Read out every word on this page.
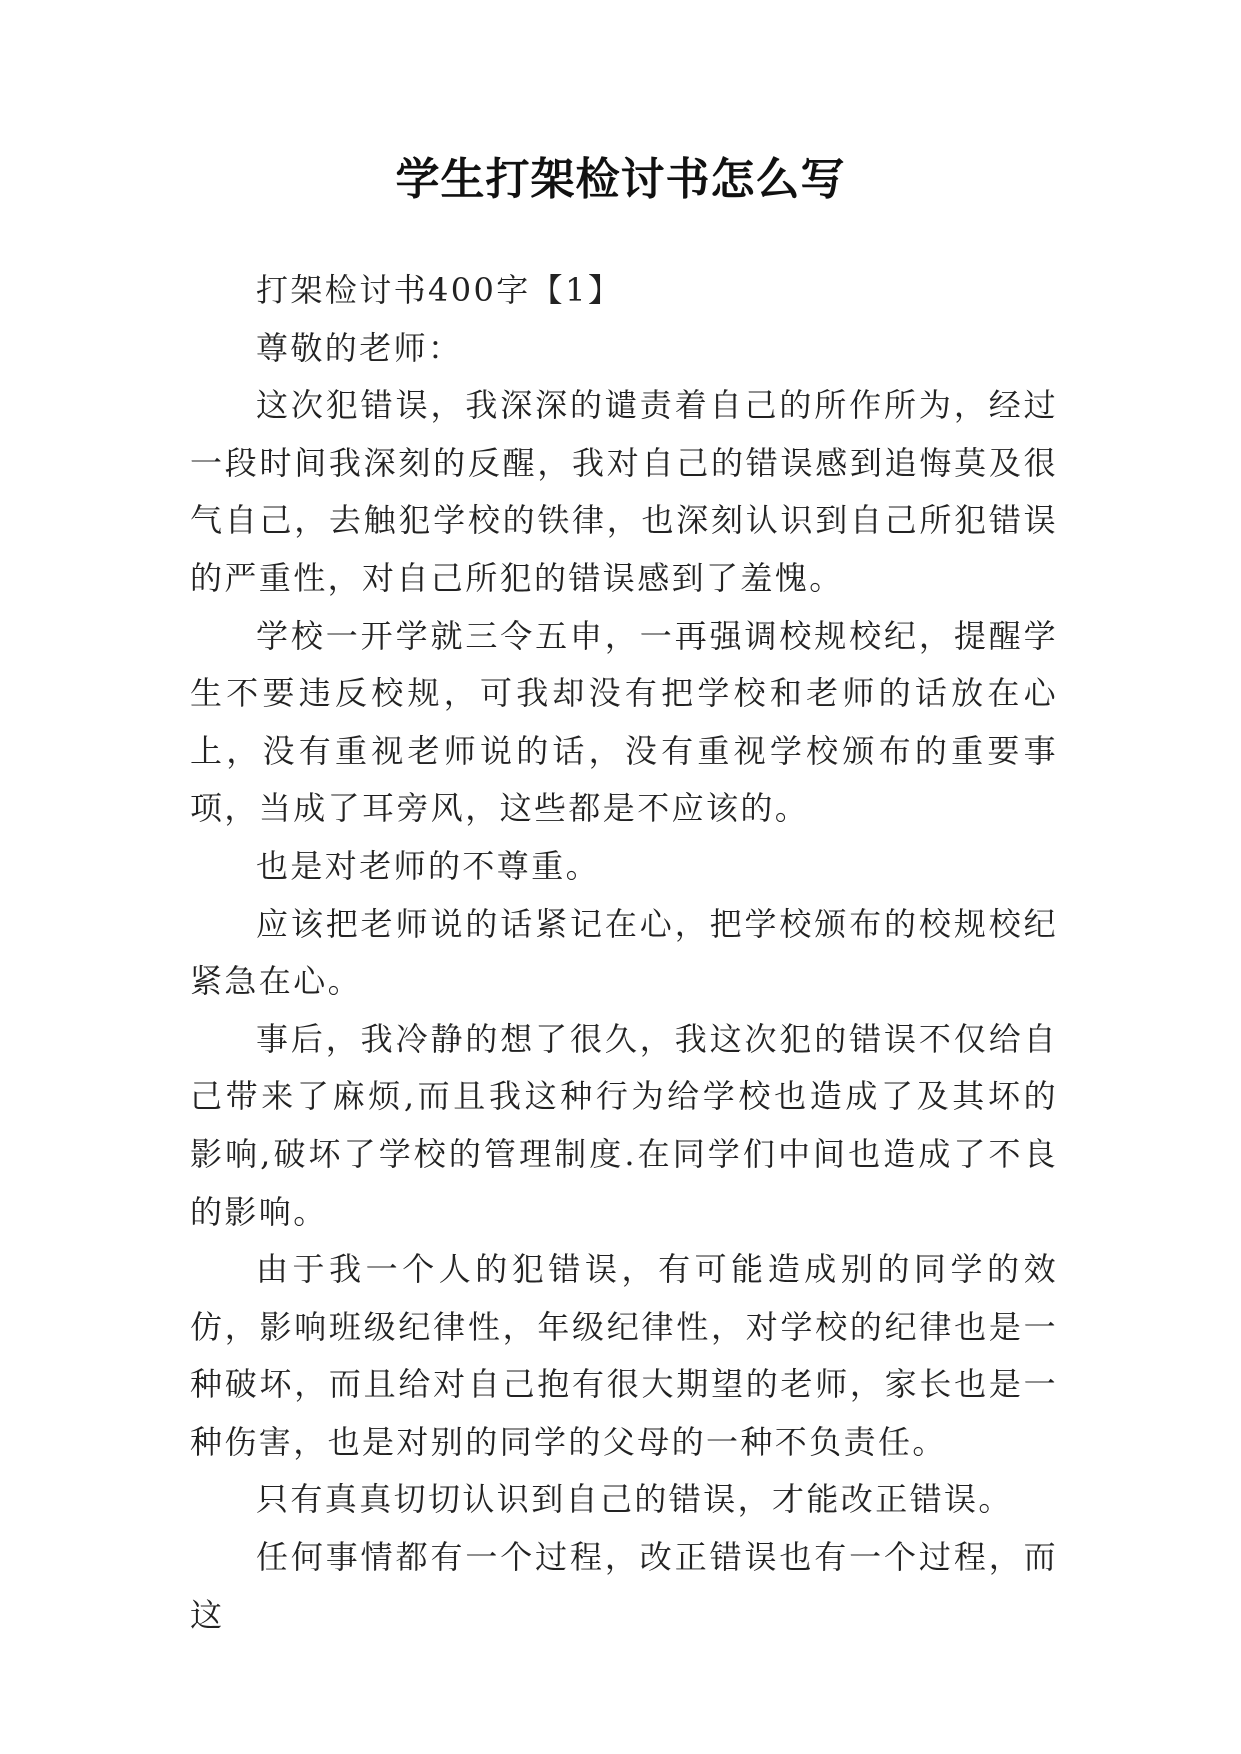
学生打架检讨书怎么写

打架检讨书400字【1】

尊敬的老师：

这次犯错误，我深深的谴责着自己的所作所为，经过一段时间我深刻的反醒，我对自己的错误感到追悔莫及很气自己，去触犯学校的铁律，也深刻认识到自己所犯错误的严重性，对自己所犯的错误感到了羞愧。

学校一开学就三令五申，一再强调校规校纪，提醒学生不要违反校规，可我却没有把学校和老师的话放在心上，没有重视老师说的话，没有重视学校颁布的重要事项，当成了耳旁风，这些都是不应该的。

也是对老师的不尊重。

应该把老师说的话紧记在心，把学校颁布的校规校纪紧急在心。

事后，我冷静的想了很久，我这次犯的错误不仅给自己带来了麻烦,而且我这种行为给学校也造成了及其坏的影响,破坏了学校的管理制度.在同学们中间也造成了不良的影响。

由于我一个人的犯错误，有可能造成别的同学的效仿，影响班级纪律性，年级纪律性，对学校的纪律也是一种破坏，而且给对自己抱有很大期望的老师，家长也是一种伤害，也是对别的同学的父母的一种不负责任。

只有真真切切认识到自己的错误，才能改正错误。

任何事情都有一个过程，改正错误也有一个过程，而这
